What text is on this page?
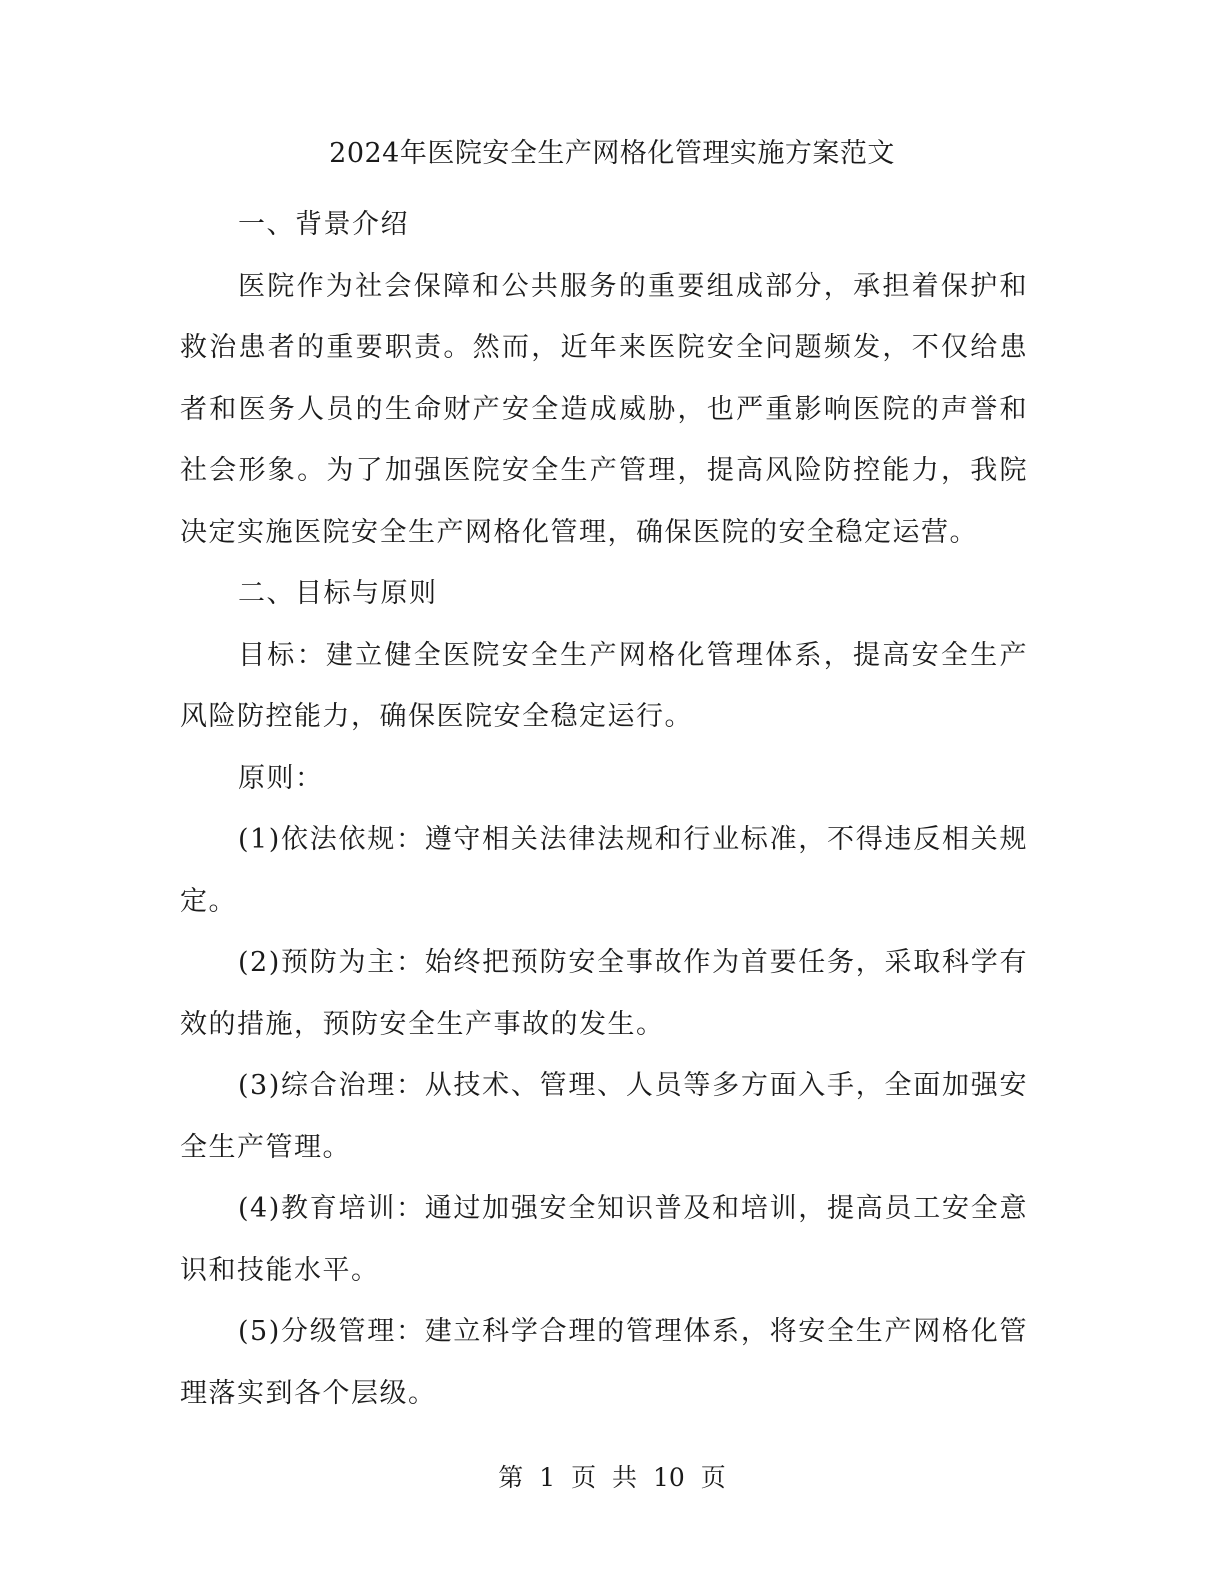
2024年医院安全生产网格化管理实施方案范文

一、背景介绍

医院作为社会保障和公共服务的重要组成部分，承担着保护和救治患者的重要职责。然而，近年来医院安全问题频发，不仅给患者和医务人员的生命财产安全造成威胁，也严重影响医院的声誉和社会形象。为了加强医院安全生产管理，提高风险防控能力，我院决定实施医院安全生产网格化管理，确保医院的安全稳定运营。

二、目标与原则

目标：建立健全医院安全生产网格化管理体系，提高安全生产风险防控能力，确保医院安全稳定运行。

原则：

(1)依法依规：遵守相关法律法规和行业标准，不得违反相关规定。

(2)预防为主：始终把预防安全事故作为首要任务，采取科学有效的措施，预防安全生产事故的发生。

(3)综合治理：从技术、管理、人员等多方面入手，全面加强安全生产管理。

(4)教育培训：通过加强安全知识普及和培训，提高员工安全意识和技能水平。

(5)分级管理：建立科学合理的管理体系，将安全生产网格化管理落实到各个层级。

第 1 页 共 10 页
